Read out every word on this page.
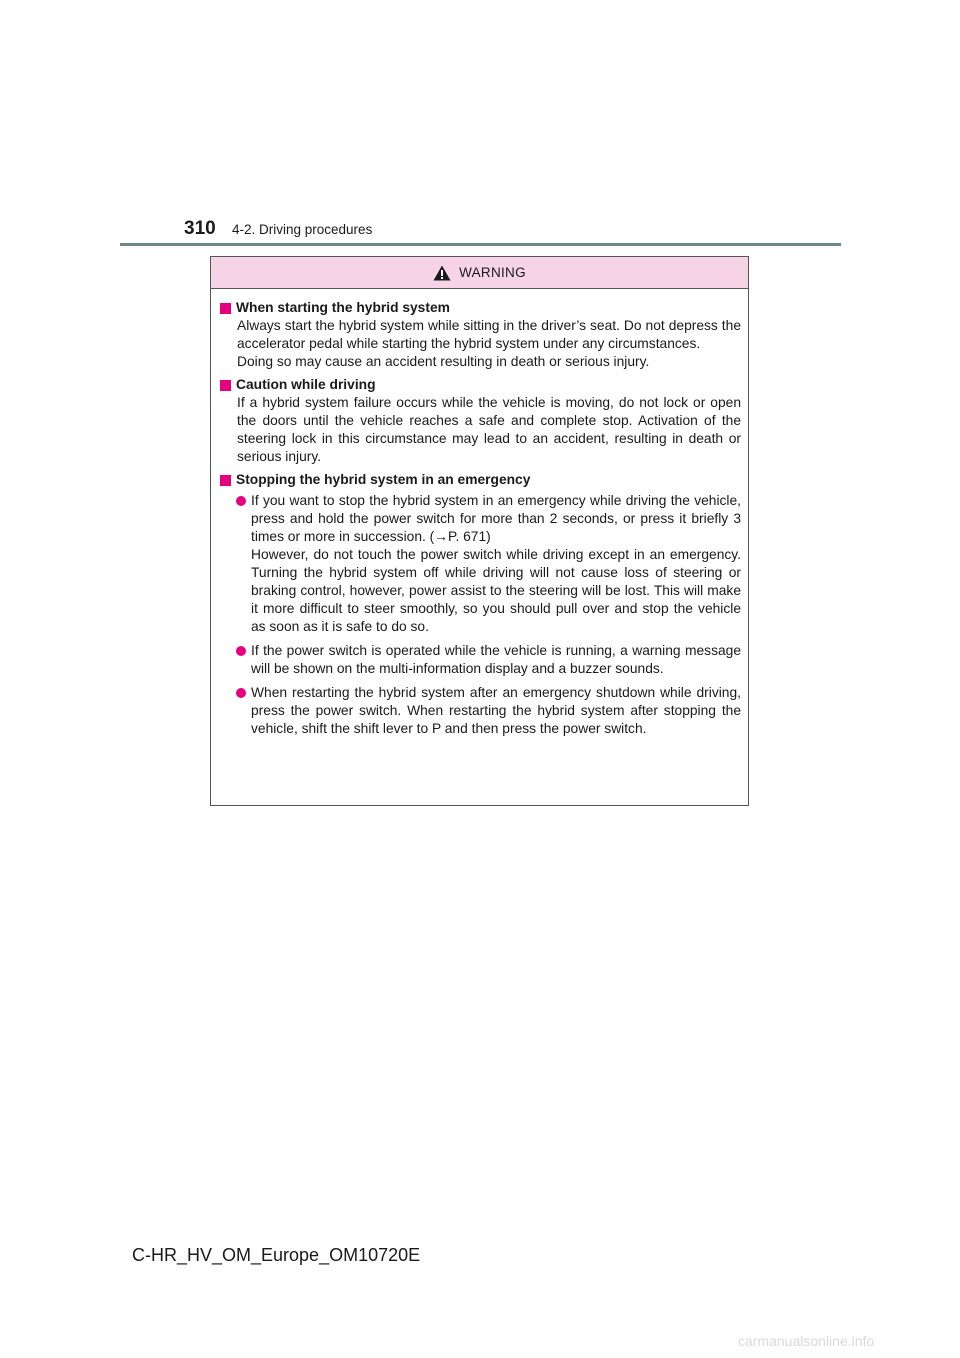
310 4-2. Driving procedures
WARNING
When starting the hybrid system

Always start the hybrid system while sitting in the driver’s seat. Do not depress the accelerator pedal while starting the hybrid system under any circumstances.

Doing so may cause an accident resulting in death or serious injury.

Caution while driving

If a hybrid system failure occurs while the vehicle is moving, do not lock or open the doors until the vehicle reaches a safe and complete stop. Activation of the steering lock in this circumstance may lead to an accident, resulting in death or serious injury.

Stopping the hybrid system in an emergency

If you want to stop the hybrid system in an emergency while driving the vehicle, press and hold the power switch for more than 2 seconds, or press it briefly 3 times or more in succession. (→P. 671)

However, do not touch the power switch while driving except in an emergency. Turning the hybrid system off while driving will not cause loss of steering or braking control, however, power assist to the steering will be lost. This will make it more difficult to steer smoothly, so you should pull over and stop the vehicle as soon as it is safe to do so.

If the power switch is operated while the vehicle is running, a warning message will be shown on the multi-information display and a buzzer sounds.

When restarting the hybrid system after an emergency shutdown while driving, press the power switch. When restarting the hybrid system after stopping the vehicle, shift the shift lever to P and then press the power switch.

C-HR_HV_OM_Europe_OM10720E
carmanualsonline.info
